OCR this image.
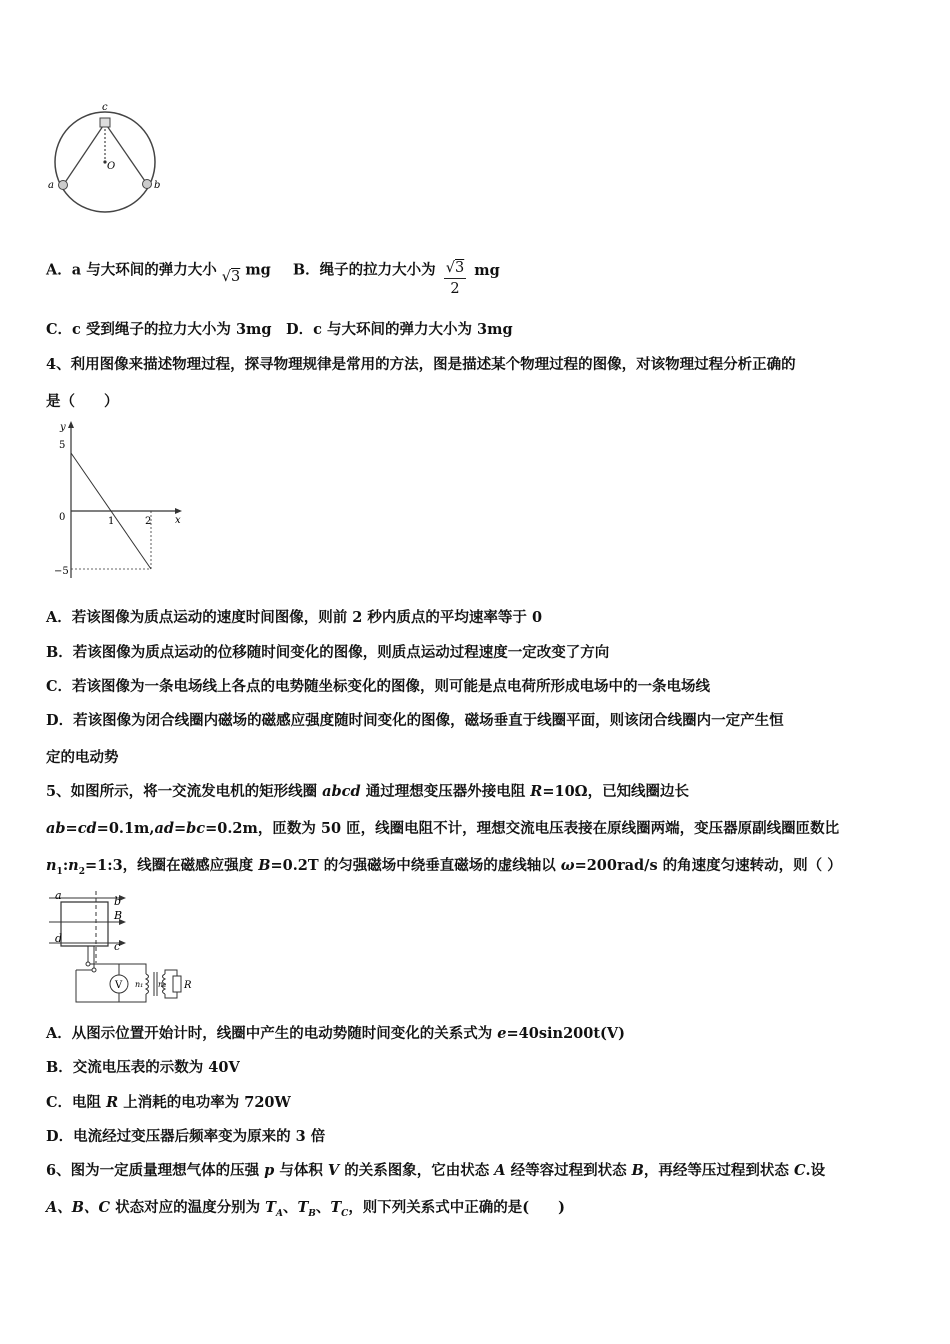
c
O
a	b
A．a 与大环间的弹力大小 √3 mg B．绳子的拉力大小为 $\frac{√3}{2}$ mg
C．c 受到绳子的拉力大小为 3mg　D．c 与大环间的弹力大小为 3mg
4、利用图像来描述物理过程，探寻物理规律是常用的方法，图是描述某个物理过程的图像，对该物理过程分析正确的
是（　　）
y
x
5
0
−5
1	2
A．若该图像为质点运动的速度时间图像，则前 2 秒内质点的平均速率等于 0
B．若该图像为质点运动的位移随时间变化的图像，则质点运动过程速度一定改变了方向
C．若该图像为一条电场线上各点的电势随坐标变化的图像，则可能是点电荷所形成电场中的一条电场线
D．若该图像为闭合线圈内磁场的磁感应强度随时间变化的图像，磁场垂直于线圈平面，则该闭合线圈内一定产生恒
定的电动势
5、如图所示，将一交流发电机的矩形线圈 abcd 通过理想变压器外接电阻 R=10Ω，已知线圈边长
ab=cd=0.1m,ad=bc=0.2m，匝数为 50 匝，线圈电阻不计，理想交流电压表接在原线圈两端，变压器原副线圈匝数比
$n_1:n_2=1:3$，线圈在磁感应强度 B=0.2T 的匀强磁场中绕垂直磁场的虚线轴以 ω=200rad/s 的角速度匀速转动，则（ ）
V
a	b
B
d
c
n₁ n₂ R
A．从图示位置开始计时，线圈中产生的电动势随时间变化的关系式为 e=40sin200t(V)
B．交流电压表的示数为 40V
C．电阻 R 上消耗的电功率为 720W
D．电流经过变压器后频率变为原来的 3 倍
6、图为一定质量理想气体的压强 p 与体积 V 的关系图象，它由状态 A 经等容过程到状态 B，再经等压过程到状态 C.设
A、B、C 状态对应的温度分别为 $T_A$、$T_B$、$T_C$，则下列关系式中正确的是(　　)
